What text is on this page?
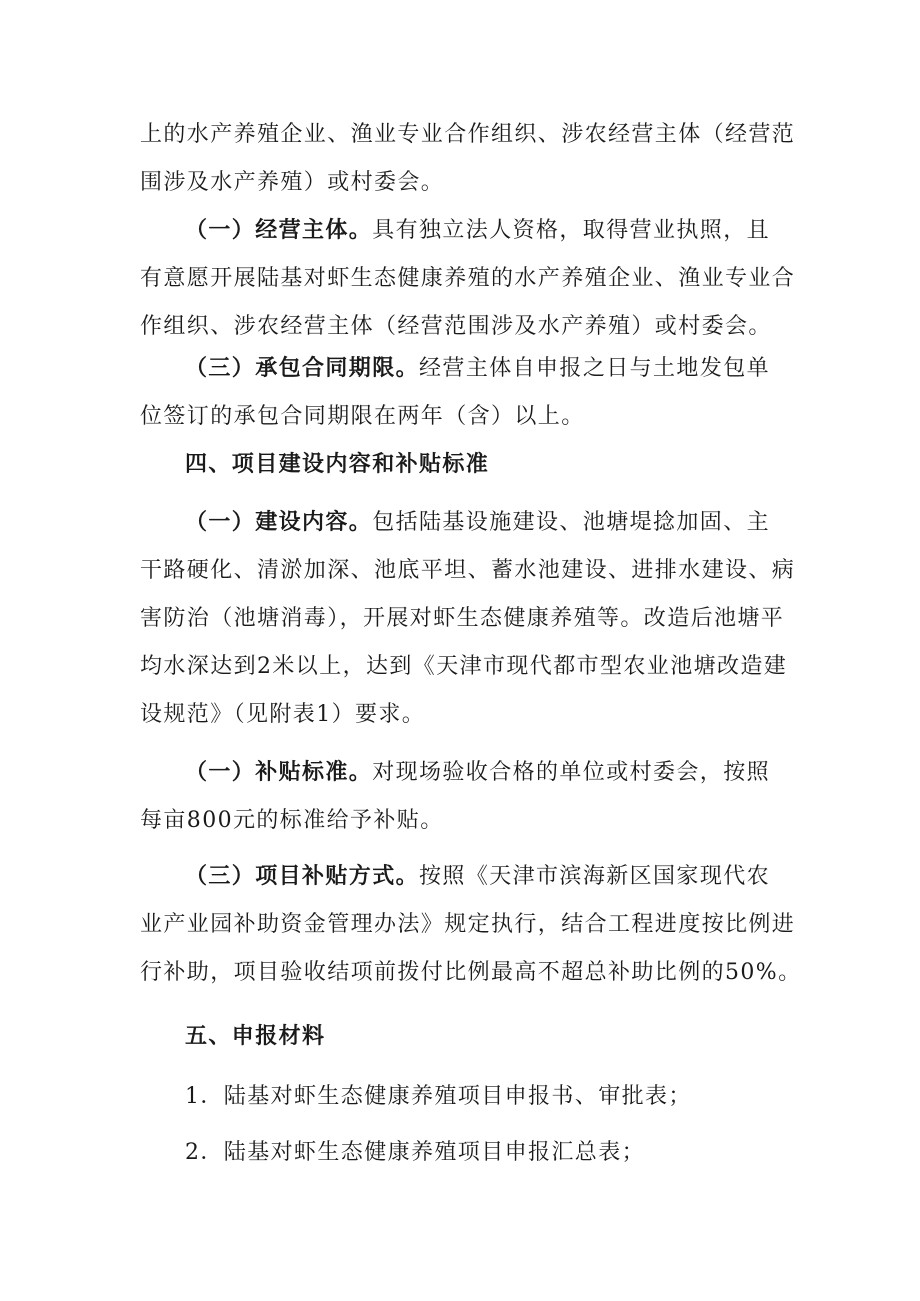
上的水产养殖企业、渔业专业合作组织、涉农经营主体（经营范
围涉及水产养殖）或村委会。
（一）经营主体。具有独立法人资格，取得营业执照，且
有意愿开展陆基对虾生态健康养殖的水产养殖企业、渔业专业合
作组织、涉农经营主体（经营范围涉及水产养殖）或村委会。
（三）承包合同期限。经营主体自申报之日与土地发包单
位签订的承包合同期限在两年（含）以上。
四、项目建设内容和补贴标准
（一）建设内容。包括陆基设施建设、池塘堤捻加固、主
干路硬化、清淤加深、池底平坦、蓄水池建设、进排水建设、病
害防治（池塘消毒），开展对虾生态健康养殖等。改造后池塘平
均水深达到2米以上，达到《天津市现代都市型农业池塘改造建
设规范》（见附表1）要求。
（一）补贴标准。对现场验收合格的单位或村委会，按照
每亩800元的标准给予补贴。
（三）项目补贴方式。按照《天津市滨海新区国家现代农
业产业园补助资金管理办法》规定执行，结合工程进度按比例进
行补助，项目验收结项前拨付比例最高不超总补助比例的50%。
五、申报材料
1．陆基对虾生态健康养殖项目申报书、审批表；
2．陆基对虾生态健康养殖项目申报汇总表；
